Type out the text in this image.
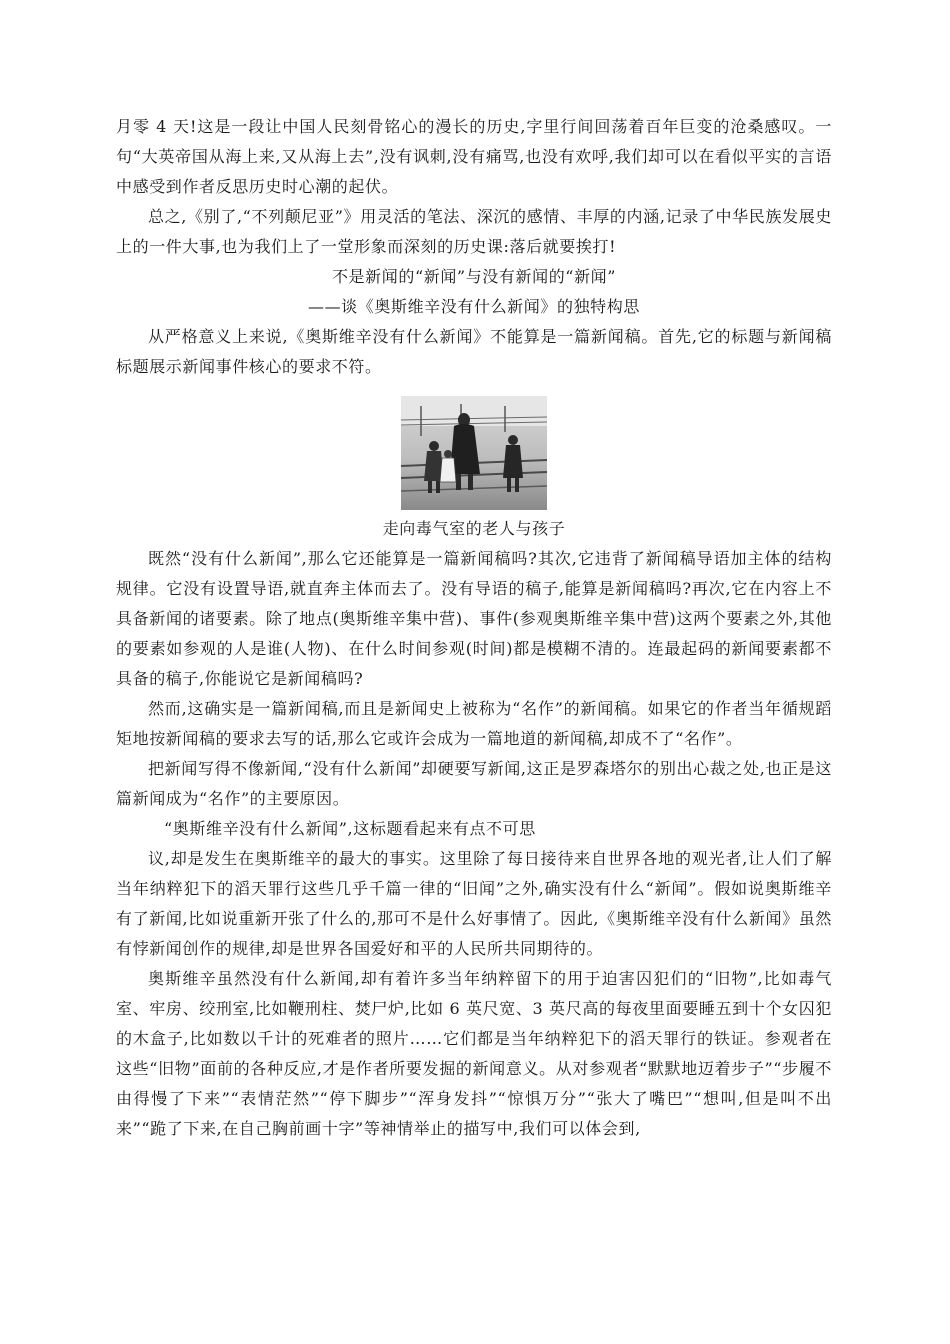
月零 4 天!这是一段让中国人民刻骨铭心的漫长的历史,字里行间回荡着百年巨变的沧桑感叹。一句“大英帝国从海上来,又从海上去”,没有讽刺,没有痛骂,也没有欢呼,我们却可以在看似平实的言语中感受到作者反思历史时心潮的起伏。

总之,《别了,“不列颠尼亚”》用灵活的笔法、深沉的感情、丰厚的内涵,记录了中华民族发展史上的一件大事,也为我们上了一堂形象而深刻的历史课:落后就要挨打!

不是新闻的“新闻”与没有新闻的“新闻”
——谈《奥斯维辛没有什么新闻》的独特构思

从严格意义上来说,《奥斯维辛没有什么新闻》不能算是一篇新闻稿。首先,它的标题与新闻稿标题展示新闻事件核心的要求不符。

走向毒气室的老人与孩子

既然“没有什么新闻”,那么它还能算是一篇新闻稿吗?其次,它违背了新闻稿导语加主体的结构规律。它没有设置导语,就直奔主体而去了。没有导语的稿子,能算是新闻稿吗?再次,它在内容上不具备新闻的诸要素。除了地点(奥斯维辛集中营)、事件(参观奥斯维辛集中营)这两个要素之外,其他的要素如参观的人是谁(人物)、在什么时间参观(时间)都是模糊不清的。连最起码的新闻要素都不具备的稿子,你能说它是新闻稿吗?

然而,这确实是一篇新闻稿,而且是新闻史上被称为“名作”的新闻稿。如果它的作者当年循规蹈矩地按新闻稿的要求去写的话,那么它或许会成为一篇地道的新闻稿,却成不了“名作”。

把新闻写得不像新闻,“没有什么新闻”却硬要写新闻,这正是罗森塔尔的别出心裁之处,也正是这篇新闻成为“名作”的主要原因。

“奥斯维辛没有什么新闻”,这标题看起来有点不可思

议,却是发生在奥斯维辛的最大的事实。这里除了每日接待来自世界各地的观光者,让人们了解当年纳粹犯下的滔天罪行这些几乎千篇一律的“旧闻”之外,确实没有什么“新闻”。假如说奥斯维辛有了新闻,比如说重新开张了什么的,那可不是什么好事情了。因此,《奥斯维辛没有什么新闻》虽然有悖新闻创作的规律,却是世界各国爱好和平的人民所共同期待的。

奥斯维辛虽然没有什么新闻,却有着许多当年纳粹留下的用于迫害囚犯们的“旧物”,比如毒气室、牢房、绞刑室,比如鞭刑柱、焚尸炉,比如 6 英尺宽、3 英尺高的每夜里面要睡五到十个女囚犯的木盒子,比如数以千计的死难者的照片……它们都是当年纳粹犯下的滔天罪行的铁证。参观者在这些“旧物”面前的各种反应,才是作者所要发掘的新闻意义。从对参观者“默默地迈着步子”“步履不由得慢了下来”“表情茫然”“停下脚步”“浑身发抖”“惊惧万分”“张大了嘴巴”“想叫,但是叫不出来”“跪了下来,在自己胸前画十字”等神情举止的描写中,我们可以体会到,
